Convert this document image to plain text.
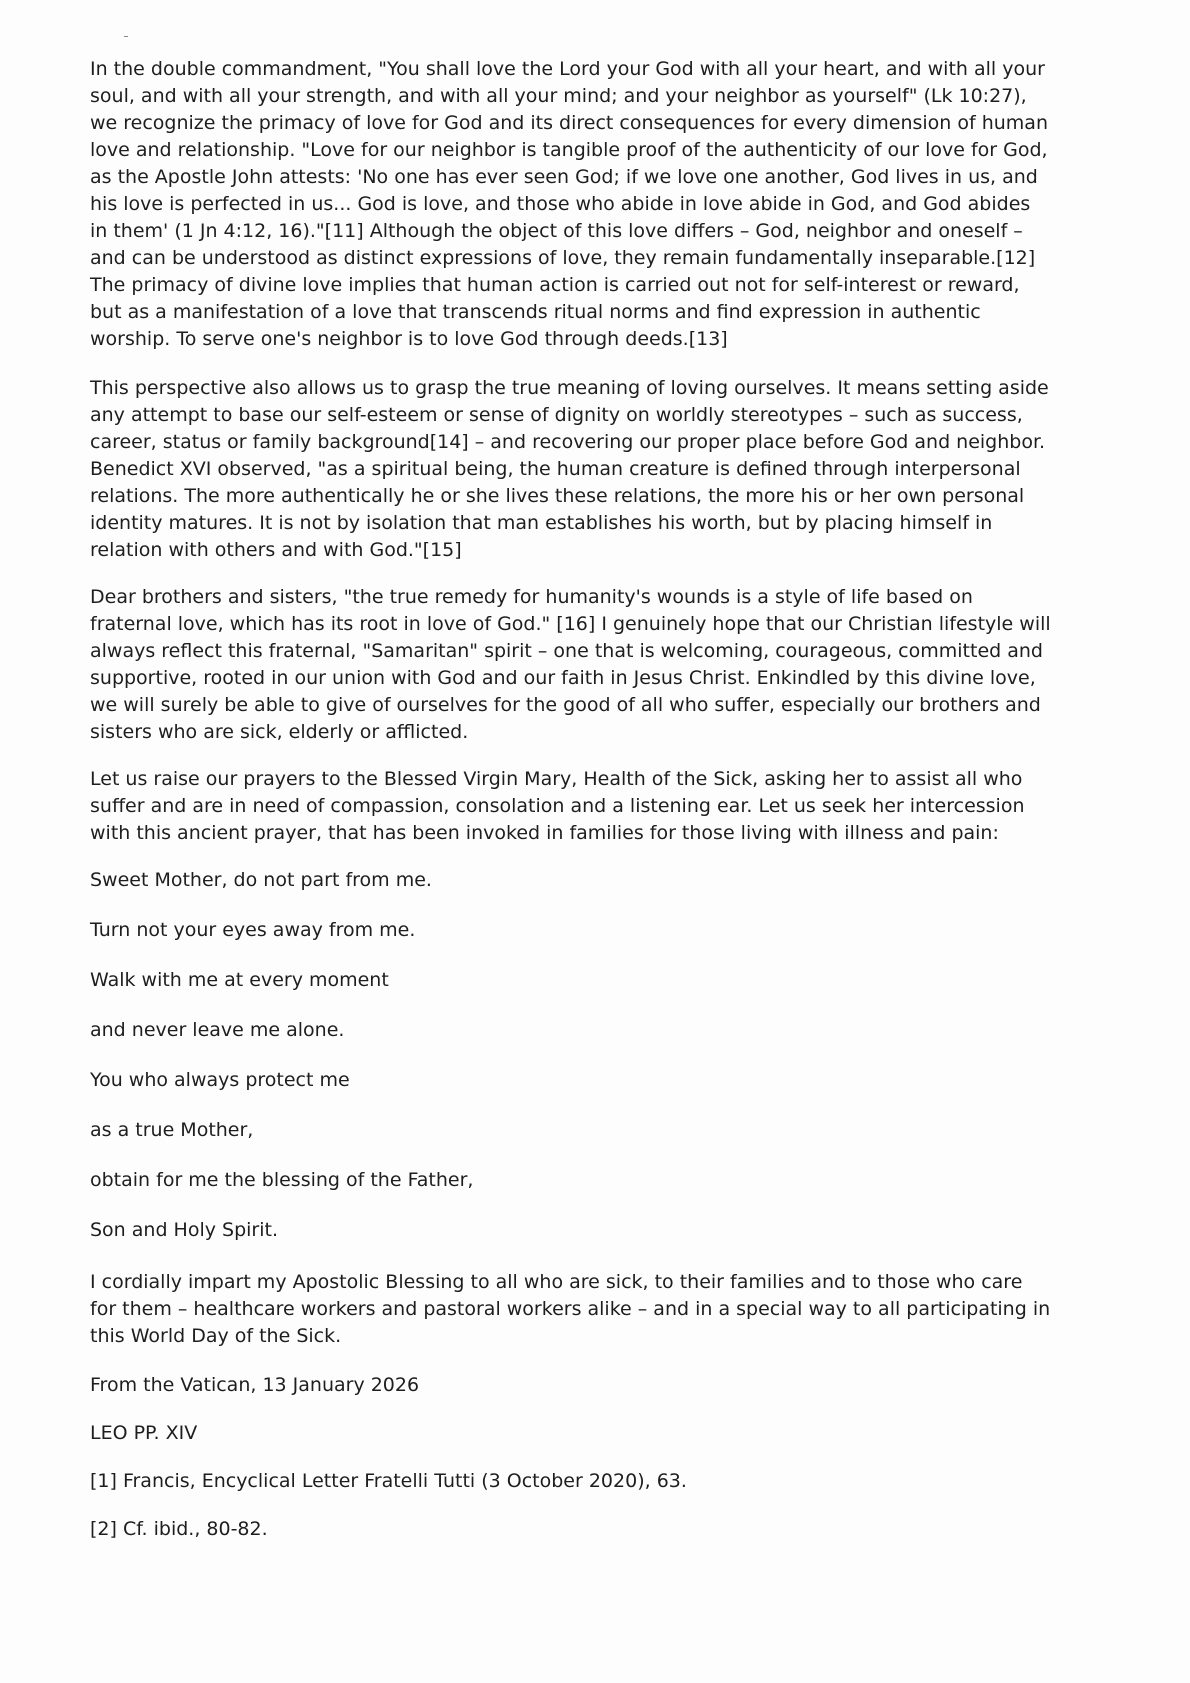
In the double commandment, "You shall love the Lord your God with all your heart, and with all your soul, and with all your strength, and with all your mind; and your neighbor as yourself" (Lk 10:27), we recognize the primacy of love for God and its direct consequences for every dimension of human love and relationship. "Love for our neighbor is tangible proof of the authenticity of our love for God, as the Apostle John attests: 'No one has ever seen God; if we love one another, God lives in us, and his love is perfected in us... God is love, and those who abide in love abide in God, and God abides in them' (1 Jn 4:12, 16)."[11] Although the object of this love differs – God, neighbor and oneself – and can be understood as distinct expressions of love, they remain fundamentally inseparable.[12] The primacy of divine love implies that human action is carried out not for self-interest or reward, but as a manifestation of a love that transcends ritual norms and find expression in authentic worship. To serve one's neighbor is to love God through deeds.[13]

This perspective also allows us to grasp the true meaning of loving ourselves. It means setting aside any attempt to base our self-esteem or sense of dignity on worldly stereotypes – such as success, career, status or family background[14] – and recovering our proper place before God and neighbor. Benedict XVI observed, "as a spiritual being, the human creature is defined through interpersonal relations. The more authentically he or she lives these relations, the more his or her own personal identity matures. It is not by isolation that man establishes his worth, but by placing himself in relation with others and with God."[15]

Dear brothers and sisters, "the true remedy for humanity's wounds is a style of life based on fraternal love, which has its root in love of God." [16] I genuinely hope that our Christian lifestyle will always reflect this fraternal, "Samaritan" spirit – one that is welcoming, courageous, committed and supportive, rooted in our union with God and our faith in Jesus Christ. Enkindled by this divine love, we will surely be able to give of ourselves for the good of all who suffer, especially our brothers and sisters who are sick, elderly or afflicted.

Let us raise our prayers to the Blessed Virgin Mary, Health of the Sick, asking her to assist all who suffer and are in need of compassion, consolation and a listening ear. Let us seek her intercession with this ancient prayer, that has been invoked in families for those living with illness and pain:

Sweet Mother, do not part from me.

Turn not your eyes away from me.

Walk with me at every moment

and never leave me alone.

You who always protect me

as a true Mother,

obtain for me the blessing of the Father,

Son and Holy Spirit.

I cordially impart my Apostolic Blessing to all who are sick, to their families and to those who care for them – healthcare workers and pastoral workers alike – and in a special way to all participating in this World Day of the Sick.

From the Vatican, 13 January 2026

LEO PP. XIV

[1] Francis, Encyclical Letter Fratelli Tutti (3 October 2020), 63.

[2] Cf. ibid., 80-82.
